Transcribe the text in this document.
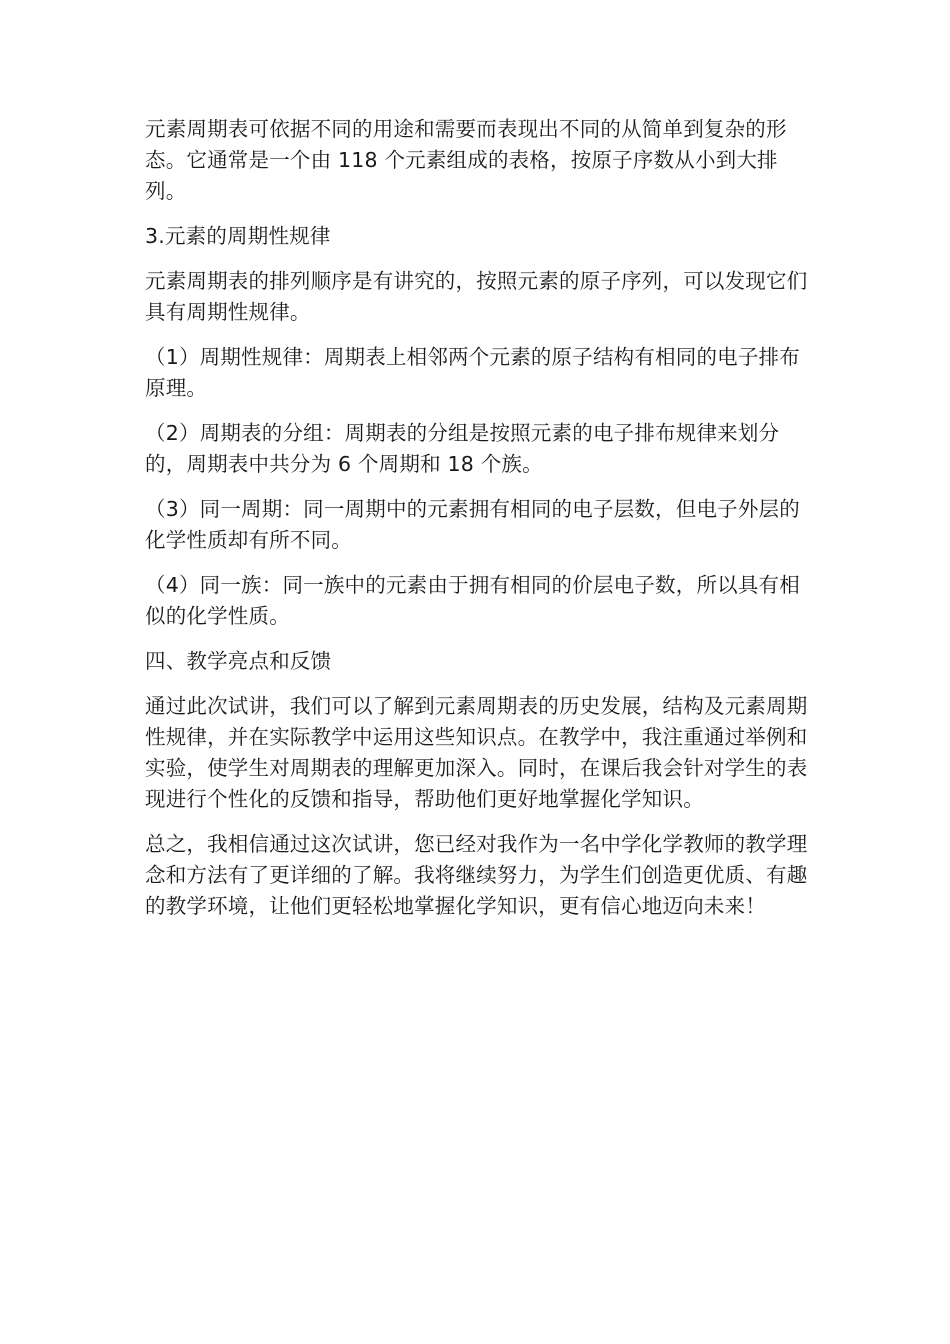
元素周期表可依据不同的用途和需要而表现出不同的从简单到复杂的形态。它通常是一个由 118 个元素组成的表格，按原子序数从小到大排列。

3.元素的周期性规律

元素周期表的排列顺序是有讲究的，按照元素的原子序列，可以发现它们具有周期性规律。

（1）周期性规律：周期表上相邻两个元素的原子结构有相同的电子排布原理。

（2）周期表的分组：周期表的分组是按照元素的电子排布规律来划分的，周期表中共分为 6 个周期和 18 个族。

（3）同一周期：同一周期中的元素拥有相同的电子层数，但电子外层的化学性质却有所不同。

（4）同一族：同一族中的元素由于拥有相同的价层电子数，所以具有相似的化学性质。

四、教学亮点和反馈

通过此次试讲，我们可以了解到元素周期表的历史发展，结构及元素周期性规律，并在实际教学中运用这些知识点。在教学中，我注重通过举例和实验，使学生对周期表的理解更加深入。同时，在课后我会针对学生的表现进行个性化的反馈和指导，帮助他们更好地掌握化学知识。

总之，我相信通过这次试讲，您已经对我作为一名中学化学教师的教学理念和方法有了更详细的了解。我将继续努力，为学生们创造更优质、有趣的教学环境，让他们更轻松地掌握化学知识，更有信心地迈向未来！
